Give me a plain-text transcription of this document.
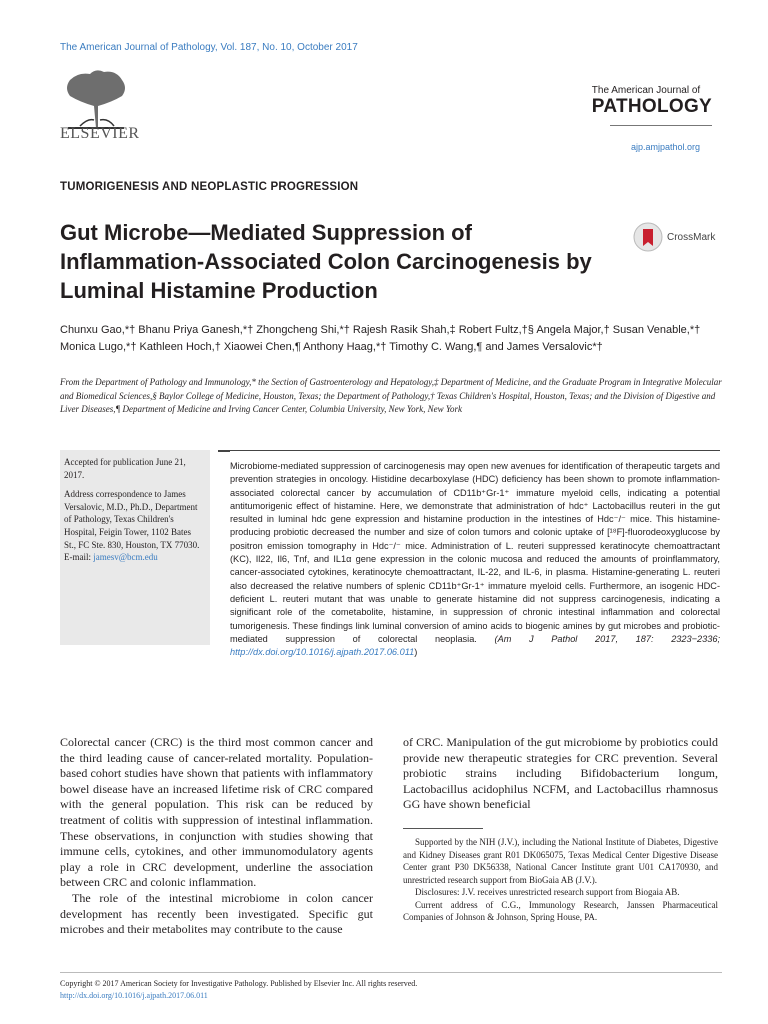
The American Journal of Pathology, Vol. 187, No. 10, October 2017
ELSEVIER
The American Journal of
PATHOLOGY
ajp.amjpathol.org
TUMORIGENESIS AND NEOPLASTIC PROGRESSION
Gut Microbe—Mediated Suppression of Inflammation-Associated Colon Carcinogenesis by Luminal Histamine Production
CrossMark
Chunxu Gao,*† Bhanu Priya Ganesh,*† Zhongcheng Shi,*† Rajesh Rasik Shah,‡ Robert Fultz,†§ Angela Major,† Susan Venable,*†
Monica Lugo,*† Kathleen Hoch,† Xiaowei Chen,¶ Anthony Haag,*† Timothy C. Wang,¶ and James Versalovic*†
From the Department of Pathology and Immunology,* the Section of Gastroenterology and Hepatology,‡ Department of Medicine, and the Graduate Program in Integrative Molecular and Biomedical Sciences,§ Baylor College of Medicine, Houston, Texas; the Department of Pathology,† Texas Children's Hospital, Houston, Texas; and the Division of Digestive and Liver Diseases,¶ Department of Medicine and Irving Cancer Center, Columbia University, New York, New York
Accepted for publication June 21, 2017.
Address correspondence to James Versalovic, M.D., Ph.D., Department of Pathology, Texas Children's Hospital, Feigin Tower, 1102 Bates St., FC Ste. 830, Houston, TX 77030. E-mail: jamesv@bcm.edu
Microbiome-mediated suppression of carcinogenesis may open new avenues for identification of therapeutic targets and prevention strategies in oncology. Histidine decarboxylase (HDC) deficiency has been shown to promote inflammation-associated colorectal cancer by accumulation of CD11b⁺Gr-1⁺ immature myeloid cells, indicating a potential antitumorigenic effect of histamine. Here, we demonstrate that administration of hdc⁺ Lactobacillus reuteri in the gut resulted in luminal hdc gene expression and histamine production in the intestines of Hdc⁻/⁻ mice. This histamine-producing probiotic decreased the number and size of colon tumors and colonic uptake of [¹⁸F]-fluorodeoxyglucose by positron emission tomography in Hdc⁻/⁻ mice. Administration of L. reuteri suppressed keratinocyte chemoattractant (KC), Il22, Il6, Tnf, and IL1α gene expression in the colonic mucosa and reduced the amounts of proinflammatory, cancer-associated cytokines, keratinocyte chemoattractant, IL-22, and IL-6, in plasma. Histamine-generating L. reuteri also decreased the relative numbers of splenic CD11b⁺Gr-1⁺ immature myeloid cells. Furthermore, an isogenic HDC-deficient L. reuteri mutant that was unable to generate histamine did not suppress carcinogenesis, indicating a significant role of the cometabolite, histamine, in suppression of chronic intestinal inflammation and colorectal tumorigenesis. These findings link luminal conversion of amino acids to biogenic amines by gut microbes and probiotic-mediated suppression of colorectal neoplasia. (Am J Pathol 2017, 187: 2323−2336; http://dx.doi.org/10.1016/j.ajpath.2017.06.011)

Colorectal cancer (CRC) is the third most common cancer and the third leading cause of cancer-related mortality. Population-based cohort studies have shown that patients with inflammatory bowel disease have an increased lifetime risk of CRC compared with the general population. This risk can be reduced by treatment of colitis with suppression of intestinal inflammation. These observations, in conjunction with studies showing that immune cells, cytokines, and other immunomodulatory agents play a role in CRC development, underline the association between CRC and colonic inflammation.

The role of the intestinal microbiome in colon cancer development has recently been investigated. Specific gut microbes and their metabolites may contribute to the cause

of CRC. Manipulation of the gut microbiome by probiotics could provide new therapeutic strategies for CRC prevention. Several probiotic strains including Bifidobacterium longum, Lactobacillus acidophilus NCFM, and Lactobacillus rhamnosus GG have shown beneficial

Supported by the NIH (J.V.), including the National Institute of Diabetes, Digestive and Kidney Diseases grant R01 DK065075, Texas Medical Center Digestive Disease Center grant P30 DK56338, National Cancer Institute grant U01 CA170930, and unrestricted research support from BioGaia AB (J.V.).

Disclosures: J.V. receives unrestricted research support from Biogaia AB.

Current address of C.G., Immunology Research, Janssen Pharmaceutical Companies of Johnson & Johnson, Spring House, PA.

Copyright © 2017 American Society for Investigative Pathology. Published by Elsevier Inc. All rights reserved.
http://dx.doi.org/10.1016/j.ajpath.2017.06.011
